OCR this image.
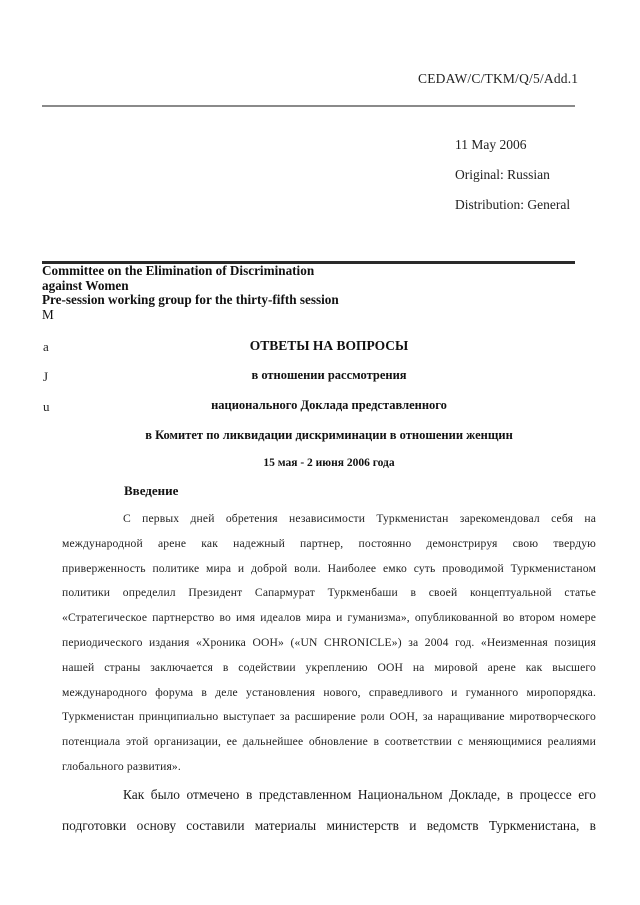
CEDAW/C/TKM/Q/5/Add.1
11 May 2006
Original: Russian
Distribution: General
Committee on the Elimination of Discrimination
against Women
Pre-session working group for the thirty-fifth session
M
a
J
u
ОТВЕТЫ НА ВОПРОСЫ
в отношении рассмотрения
национального Доклада представленного
в Комитет по ликвидации дискриминации в отношении женщин
15 мая - 2 июня 2006 года
Введение
С первых дней обретения независимости Туркменистан зарекомендовал себя на
международной арене как надежный партнер, постоянно демонстрируя свою твердую
приверженность политике мира и доброй воли. Наиболее емко суть проводимой Туркменистаном
политики определил Президент Сапармурат Туркменбаши в своей концептуальной статье
«Стратегическое партнерство во имя идеалов мира и гуманизма», опубликованной во втором номере
периодического издания «Хроника ООН» («UN CHRONICLE») за 2004 год. «Неизменная позиция
нашей страны заключается в содействии укреплению ООН на мировой арене как высшего
международного форума в деле установления нового, справедливого и гуманного миропорядка.
Туркменистан принципиально выступает за расширение роли ООН, за наращивание миротворческого
потенциала этой организации, ее дальнейшее обновление в соответствии с меняющимися реалиями
глобального развития».
Как было отмечено в представленном Национальном Докладе, в процессе его
подготовки основу составили материалы министерств и ведомств Туркменистана, в
